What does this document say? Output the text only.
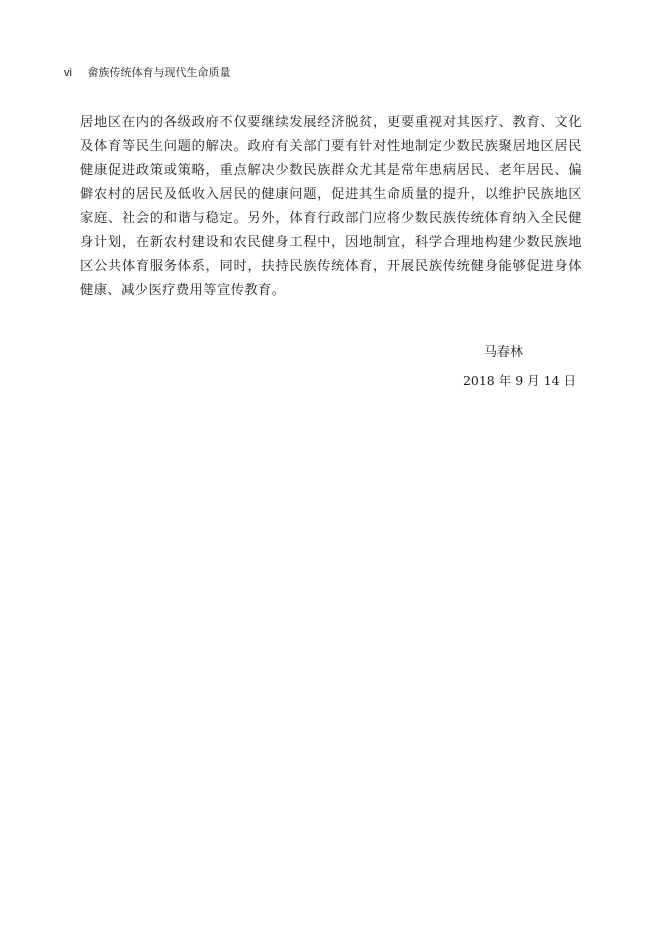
vi 畲族传统体育与现代生命质量

居地区在内的各级政府不仅要继续发展经济脱贫，更要重视对其医疗、教育、文化及体育等民生问题的解决。政府有关部门要有针对性地制定少数民族聚居地区居民健康促进政策或策略，重点解决少数民族群众尤其是常年患病居民、老年居民、偏僻农村的居民及低收入居民的健康问题，促进其生命质量的提升，以维护民族地区家庭、社会的和谐与稳定。另外，体育行政部门应将少数民族传统体育纳入全民健身计划，在新农村建设和农民健身工程中，因地制宜，科学合理地构建少数民族地区公共体育服务体系，同时，扶持民族传统体育，开展民族传统健身能够促进身体健康、减少医疗费用等宣传教育。

马春林
2018 年 9 月 14 日
